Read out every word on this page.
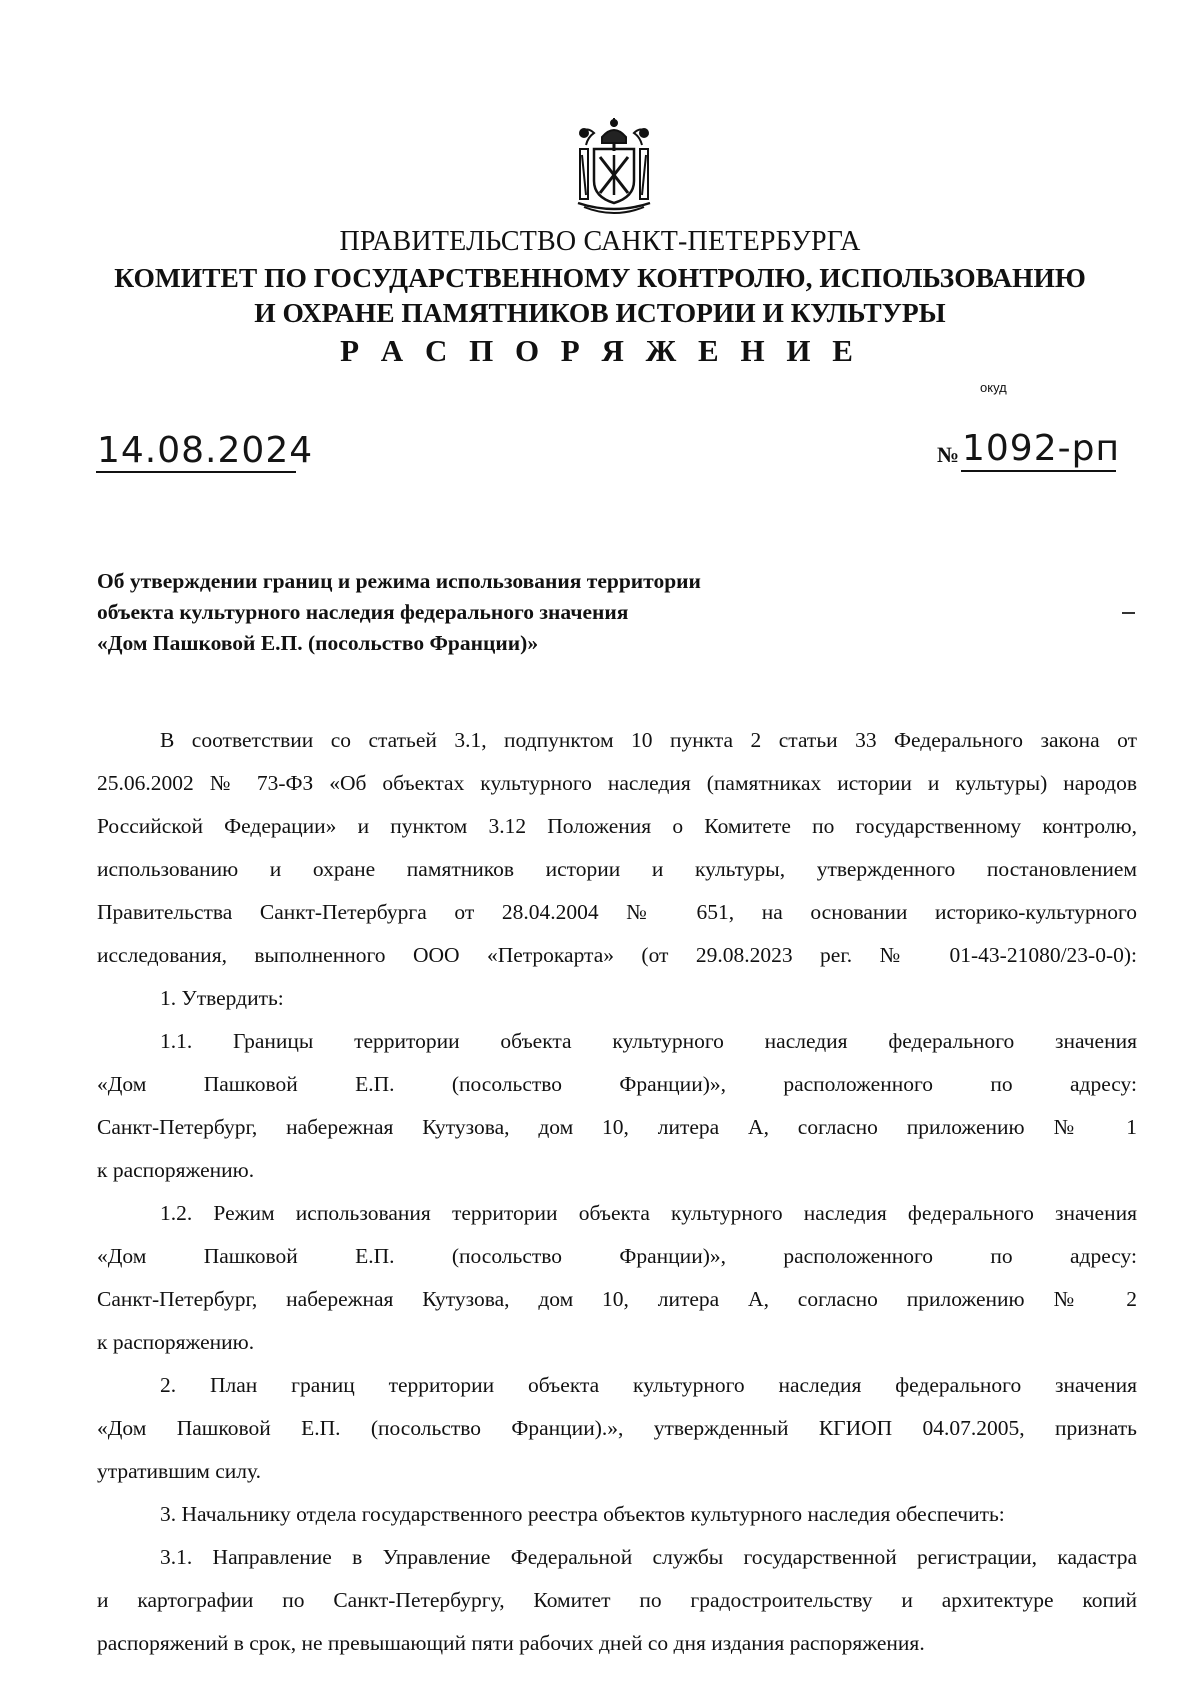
ПРАВИТЕЛЬСТВО САНКТ-ПЕТЕРБУРГА
КОМИТЕТ ПО ГОСУДАРСТВЕННОМУ КОНТРОЛЮ, ИСПОЛЬЗОВАНИЮ
И ОХРАНЕ ПАМЯТНИКОВ ИСТОРИИ И КУЛЬТУРЫ
Р А С П О Р Я Ж Е Н И Е
окуд
14.08.2024	№ 1092-рп
Об утверждении границ и режима использования территории
объекта культурного наследия федерального значения
«Дом Пашковой Е.П. (посольство Франции)»
В соответствии со статьей 3.1, подпунктом 10 пункта 2 статьи 33 Федерального закона от
25.06.2002 № 73-ФЗ «Об объектах культурного наследия (памятниках истории и культуры) народов
Российской Федерации» и пунктом 3.12 Положения о Комитете по государственному контролю,
использованию и охране памятников истории и культуры, утвержденного постановлением
Правительства Санкт-Петербурга от 28.04.2004 № 651, на основании историко-культурного
исследования, выполненного ООО «Петрокарта» (от 29.08.2023 рег. № 01-43-21080/23-0-0):
1. Утвердить:
1.1. Границы территории объекта культурного наследия федерального значения
«Дом Пашковой Е.П. (посольство Франции)», расположенного по адресу:
Санкт-Петербург, набережная Кутузова, дом 10, литера А, согласно приложению № 1
к распоряжению.
1.2. Режим использования территории объекта культурного наследия федерального значения
«Дом Пашковой Е.П. (посольство Франции)», расположенного по адресу:
Санкт-Петербург, набережная Кутузова, дом 10, литера А, согласно приложению № 2
к распоряжению.
2. План границ территории объекта культурного наследия федерального значения
«Дом Пашковой Е.П. (посольство Франции).», утвержденный КГИОП 04.07.2005, признать
утратившим силу.
3. Начальнику отдела государственного реестра объектов культурного наследия обеспечить:
3.1. Направление в Управление Федеральной службы государственной регистрации, кадастра
и картографии по Санкт-Петербургу, Комитет по градостроительству и архитектуре копий
распоряжений в срок, не превышающий пяти рабочих дней со дня издания распоряжения.
